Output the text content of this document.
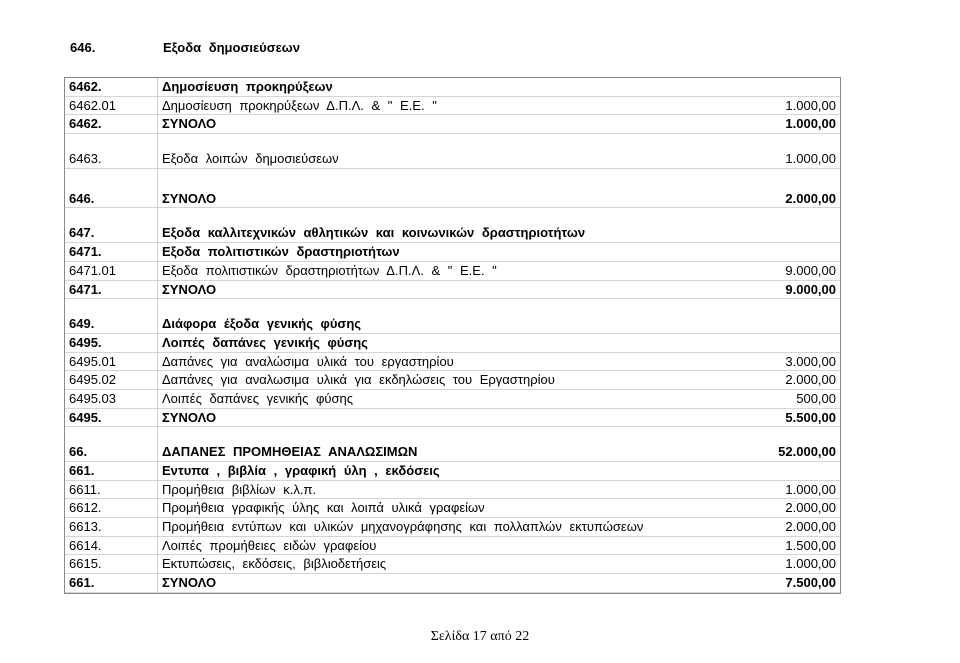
646.	Εξοδα δημοσιεύσεων
6462.	Δημοσίευση προκηρύξεων
6462.01	Δημοσίευση προκηρύξεων Δ.Π.Λ. & " Ε.Ε. "	1.000,00
6462.	ΣΥΝΟΛΟ	1.000,00
6463.	Εξοδα λοιπών δημοσιεύσεων	1.000,00
646.	ΣΥΝΟΛΟ	2.000,00
647.	Εξοδα καλλιτεχνικών αθλητικών και κοινωνικών δραστηριοτήτων
6471.	Εξοδα πολιτιστικών δραστηριοτήτων
6471.01	Εξοδα πολιτιστικών δραστηριοτήτων Δ.Π.Λ. & " Ε.Ε. "	9.000,00
6471.	ΣΥΝΟΛΟ	9.000,00
649.	Διάφορα έξοδα γενικής φύσης
6495.	Λοιπές δαπάνες γενικής φύσης
6495.01	Δαπάνες για αναλώσιμα υλικά του εργαστηρίου	3.000,00
6495.02	Δαπάνες για αναλωσιμα υλικά για εκδηλώσεις του Εργαστηρίου	2.000,00
6495.03	Λοιπές δαπάνες γενικής φύσης	500,00
6495.	ΣΥΝΟΛΟ	5.500,00
66.	ΔΑΠΑΝΕΣ ΠΡΟΜΗΘΕΙΑΣ ΑΝΑΛΩΣΙΜΩΝ	52.000,00
661.	Εντυπα , βιβλία , γραφική ύλη , εκδόσεις
6611.	Προμήθεια βιβλίων κ.λ.π.	1.000,00
6612.	Προμήθεια γραφικής ύλης και λοιπά υλικά γραφείων	2.000,00
6613.	Προμήθεια εντύπων και υλικών μηχανογράφησης και πολλαπλών εκτυπώσεων	2.000,00
6614.	Λοιπές προμήθειες ειδών γραφείου	1.500,00
6615.	Εκτυπώσεις, εκδόσεις, βιβλιοδετήσεις	1.000,00
661.	ΣΥΝΟΛΟ	7.500,00
Σελίδα 17 από 22
